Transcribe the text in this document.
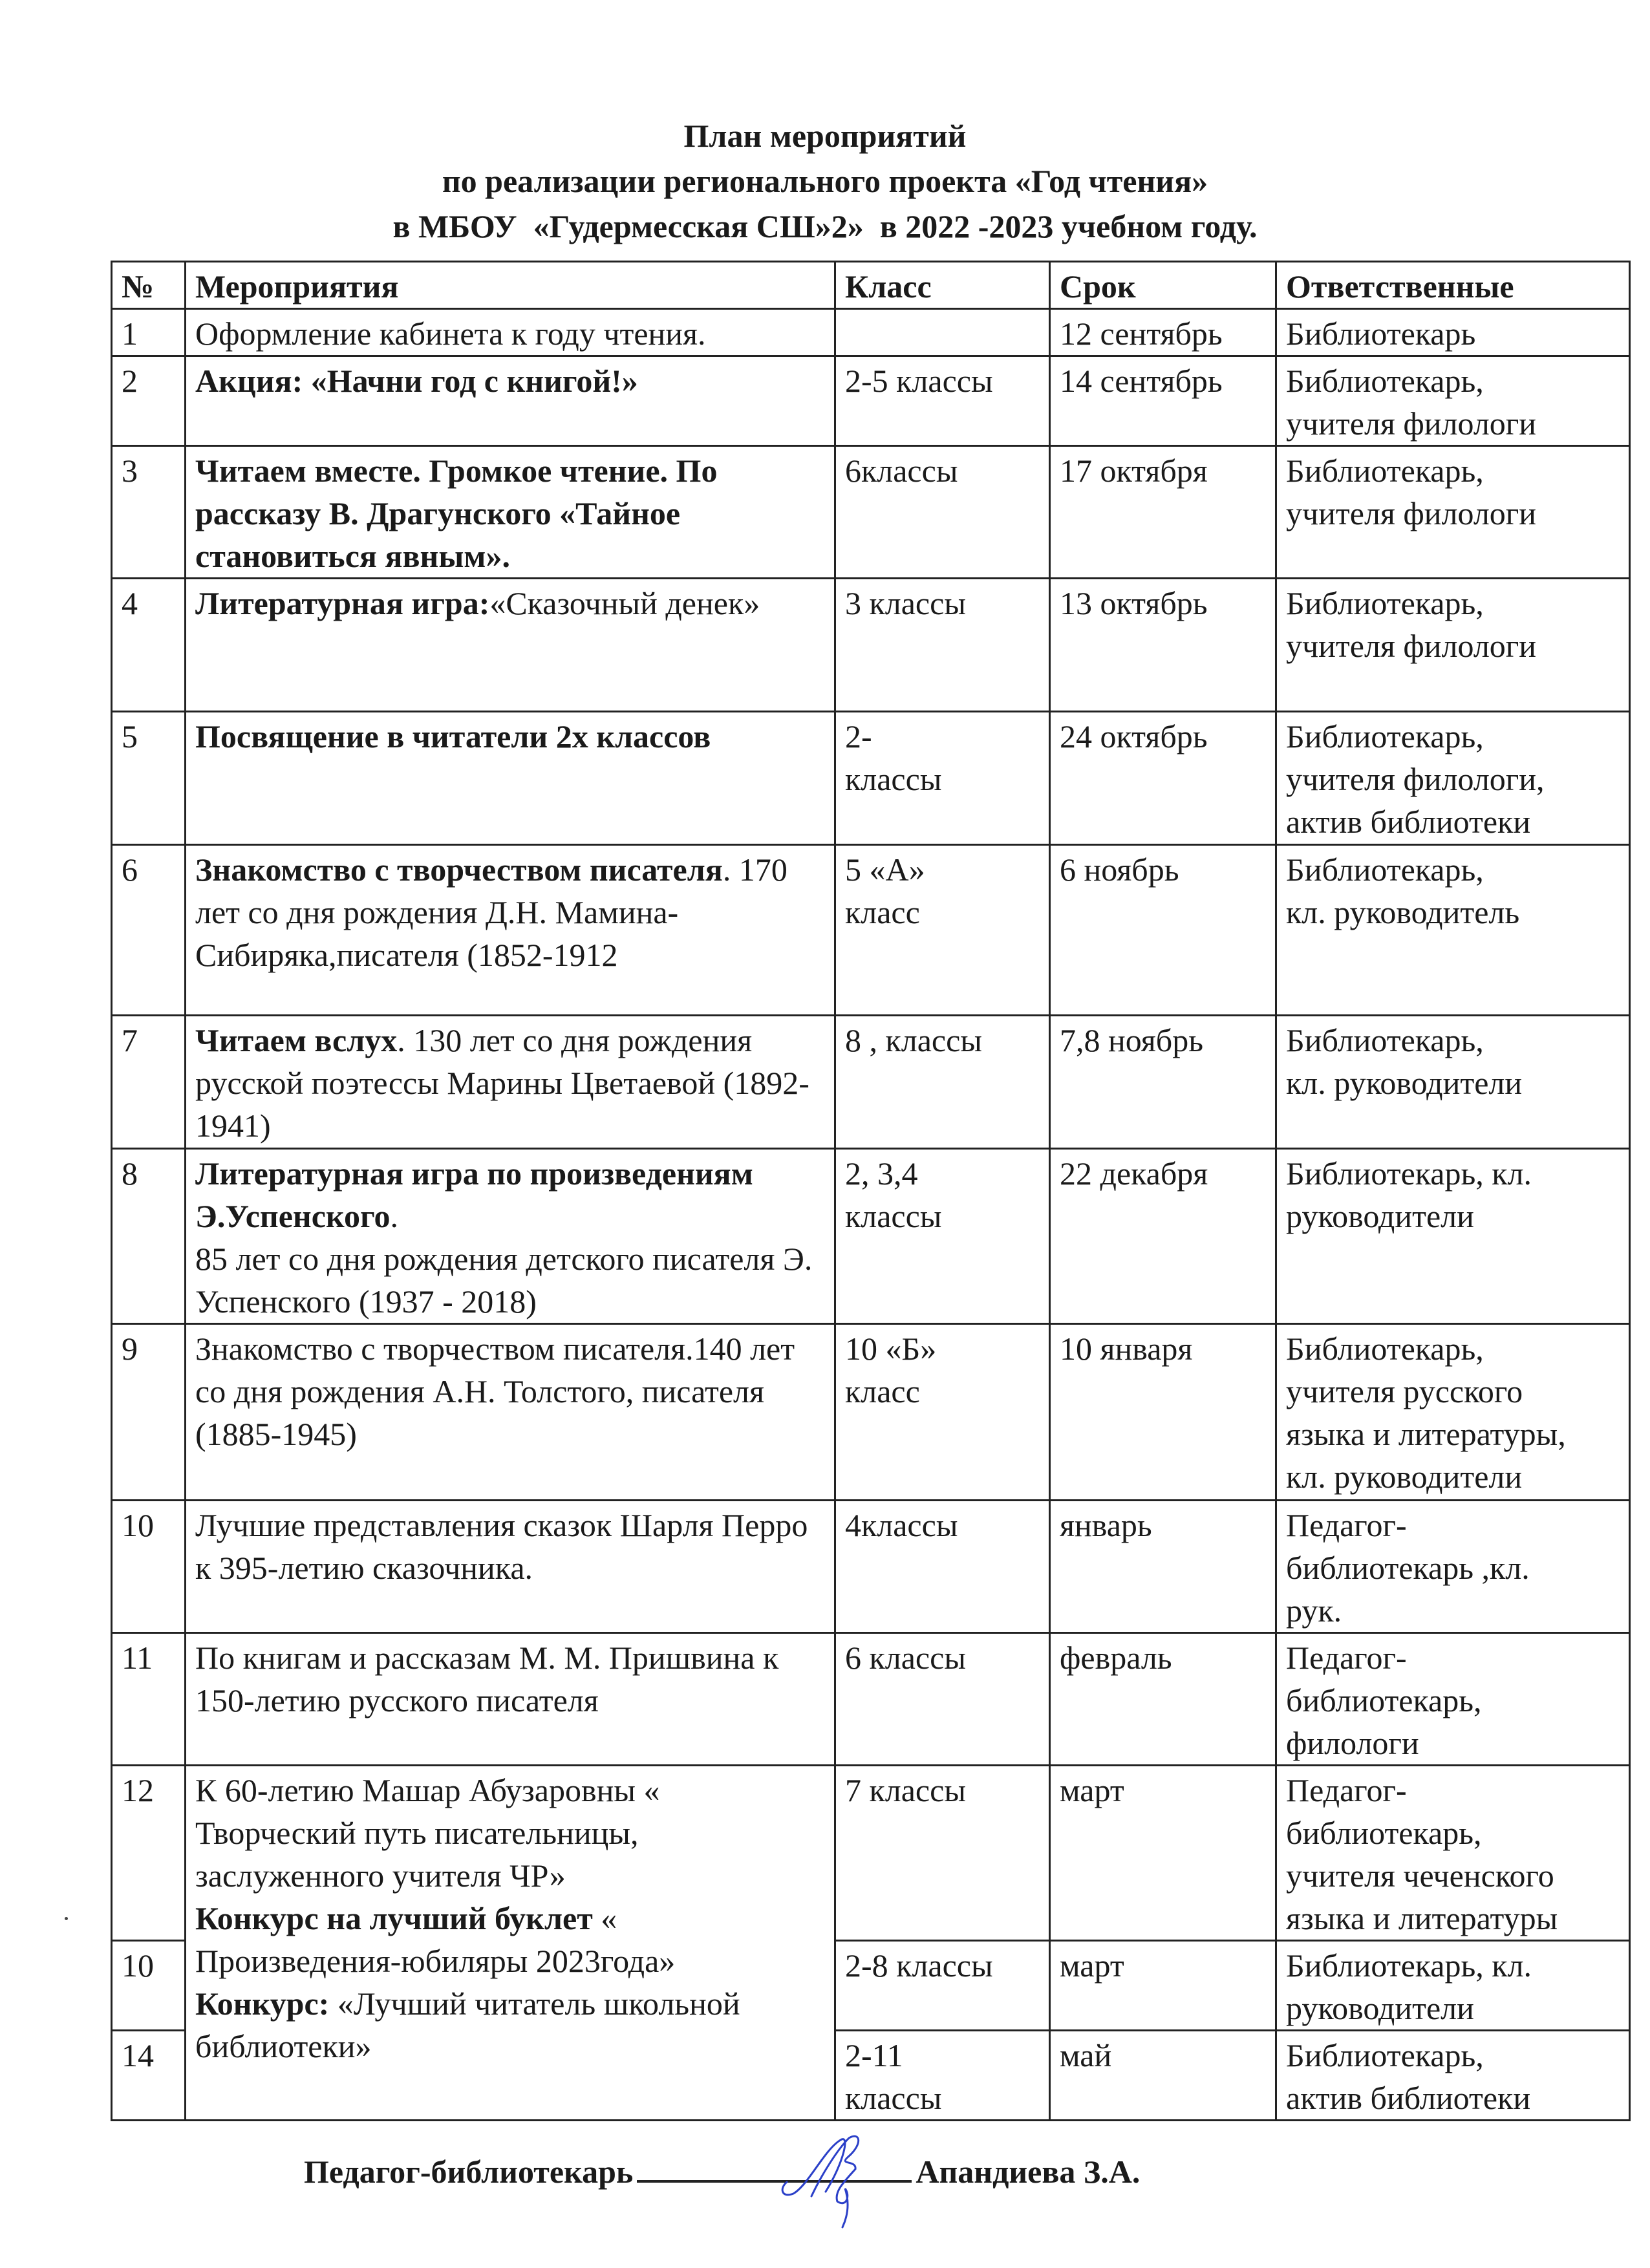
План мероприятий
по реализации регионального проекта «Год чтения»
в МБОУ  «Гудермесская СШ»2»  в 2022 -2023 учебном году.
№	Мероприятия	Класс	Срок	Ответственные
1	Оформление кабинета к году чтения.		12 сентябрь	Библиотекарь
2	Акция: «Начни год с книгой!»	2-5 классы	14 сентябрь	Библиотекарь,
учителя филологи
3	Читаем вместе. Громкое чтение. По рассказу В. Драгунского «Тайное становиться явным».	6классы	17 октября	Библиотекарь,
учителя филологи
4	Литературная игра:«Сказочный денек»	3 классы	13 октябрь	Библиотекарь,
учителя филологи
5	Посвящение в читатели 2х классов	2-
классы	24 октябрь	Библиотекарь,
учителя филологи,
актив библиотеки
6	Знакомство с творчеством писателя. 170 лет со дня рождения Д.Н. Мамина-Сибиряка,писателя (1852-1912	5 «А»
класс	6 ноябрь	Библиотекарь,
кл. руководитель
7	Читаем вслух. 130 лет со дня рождения русской поэтессы Марины Цветаевой (1892-1941)	8 , классы	7,8 ноябрь	Библиотекарь,
кл. руководители
8	Литературная игра по произведениям Э.Успенского.
85 лет со дня рождения детского писателя Э. Успенского (1937 - 2018)	2, 3,4
классы	22 декабря	Библиотекарь, кл.
руководители
9	Знакомство с творчеством писателя.140 лет со дня рождения А.Н. Толстого, писателя (1885-1945)	10 «Б»
класс	10 января	Библиотекарь,
учителя русского
языка и литературы,
кл. руководители
10	Лучшие представления сказок Шарля Перро к 395-летию сказочника.	4классы	январь	Педагог-
библиотекарь ,кл.
рук.
11	По книгам и рассказам М. М. Пришвина к 150-летию русского писателя	6 классы	февраль	Педагог-
библиотекарь,
филологи
12	К 60-летию Машар Абузаровны « Творческий путь писательницы, заслуженного учителя ЧР»
Конкурс на лучший буклет « Произведения-юбиляры 2023года»
Конкурс: «Лучший читатель школьной библиотеки»	7 классы	март	Педагог-
библиотекарь,
учителя чеченского
языка и литературы
10		2-8 классы	март	Библиотекарь, кл.
руководители
14		2-11
классы	май	Библиотекарь,
актив библиотеки
Педагог-библиотекарь	Апандиева З.А.
